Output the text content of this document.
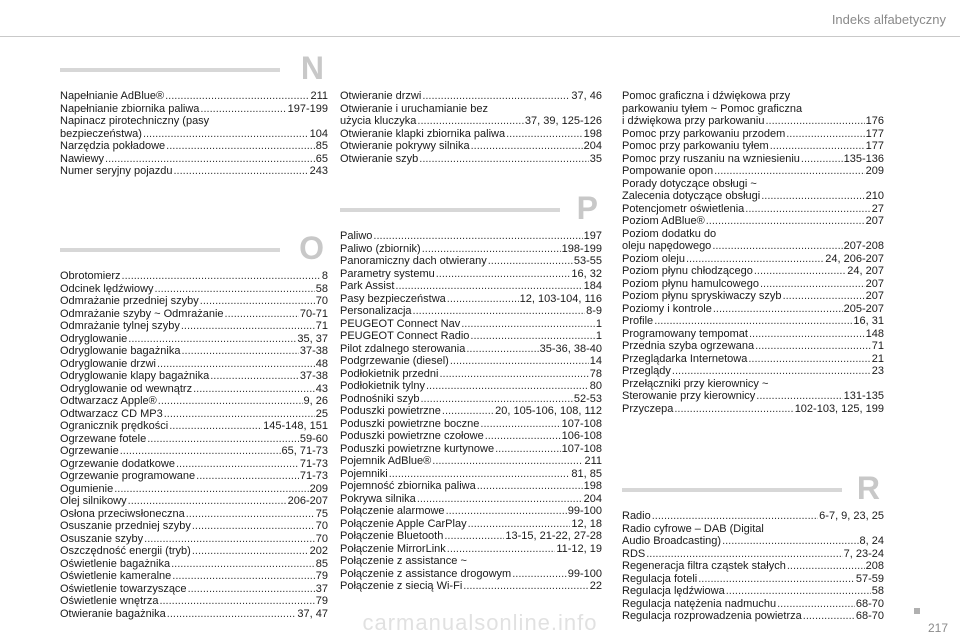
Indeks alfabetyczny
N
Napełnianie AdBlue® .....	211
Napełnianie zbiornika paliwa .....	197-199
Napinacz pirotechniczny (pasy
bezpieczeństwa) .....	104
Narzędzia pokładowe .....	85
Nawiewy .....	65
Numer seryjny pojazdu .....	243
O
Obrotomierz .....	8
Odcinek lędźwiowy .....	58
Odmrażanie przedniej szyby .....	70
Odmrażanie szyby ~ Odmrażanie .....	70-71
Odmrażanie tylnej szyby .....	71
Odryglowanie .....	35, 37
Odryglowanie bagażnika .....	37-38
Odryglowanie drzwi .....	48
Odryglowanie klapy bagażnika .....	37-38
Odryglowanie od wewnątrz .....	43
Odtwarzacz Apple® .....	9, 26
Odtwarzacz CD MP3 .....	25
Ogranicznik prędkości .....	145-148, 151
Ogrzewane fotele .....	59-60
Ogrzewanie .....	65, 71-73
Ogrzewanie dodatkowe .....	71-73
Ogrzewanie programowane .....	71-73
Ogumienie .....	209
Olej silnikowy .....	206-207
Osłona przeciwsłoneczna .....	75
Osuszanie przedniej szyby .....	70
Osuszanie szyby .....	70
Oszczędność energii (tryb) .....	202
Oświetlenie bagażnika .....	85
Oświetlenie kameralne .....	79
Oświetlenie towarzyszące .....	37
Oświetlenie wnętrza .....	79
Otwieranie bagażnika .....	37, 47
Otwieranie drzwi .....	37, 46
Otwieranie i uruchamianie bez
użycia kluczyka .....	37, 39, 125-126
Otwieranie klapki zbiornika paliwa .....	198
Otwieranie pokrywy silnika .....	204
Otwieranie szyb .....	35
P
Paliwo .....	197
Paliwo (zbiornik) .....	198-199
Panoramiczny dach otwierany .....	53-55
Parametry systemu .....	16, 32
Park Assist .....	184
Pasy bezpieczeństwa .....	12, 103-104, 116
Personalizacja .....	8-9
PEUGEOT Connect Nav .....	1
PEUGEOT Connect Radio .....	1
Pilot zdalnego sterowania .....	35-36, 38-40
Podgrzewanie (diesel) .....	14
Podłokietnik przedni .....	78
Podłokietnik tylny .....	80
Podnośniki szyb .....	52-53
Poduszki powietrzne .....	20, 105-106, 108, 112
Poduszki powietrzne boczne .....	107-108
Poduszki powietrzne czołowe .....	106-108
Poduszki powietrzne kurtynowe .....	107-108
Pojemnik AdBlue® .....	211
Pojemniki .....	81, 85
Pojemność zbiornika paliwa .....	198
Pokrywa silnika .....	204
Połączenie alarmowe .....	99-100
Połączenie Apple CarPlay .....	12, 18
Połączenie Bluetooth .....	13-15, 21-22, 27-28
Połączenie MirrorLink .....	11-12, 19
Połączenie z assistance ~
Połączenie z assistance drogowym .....	99-100
Połączenie z siecią Wi-Fi .....	22
Pomoc graficzna i dźwiękowa przy
parkowaniu tyłem ~ Pomoc graficzna
i dźwiękowa przy parkowaniu .....	176
Pomoc przy parkowaniu przodem .....	177
Pomoc przy parkowaniu tyłem .....	177
Pomoc przy ruszaniu na wzniesieniu .....	135-136
Pompowanie opon .....	209
Porady dotyczące obsługi ~
Zalecenia dotyczące obsługi .....	210
Potencjometr oświetlenia .....	27
Poziom AdBlue® .....	207
Poziom dodatku do
oleju napędowego .....	207-208
Poziom oleju .....	24, 206-207
Poziom płynu chłodzącego .....	24, 207
Poziom płynu hamulcowego .....	207
Poziom płynu spryskiwaczy szyb .....	207
Poziomy i kontrole .....	205-207
Profile .....	16, 31
Programowany tempomat .....	148
Przednia szyba ogrzewana .....	71
Przeglądarka Internetowa .....	21
Przeglądy .....	23
Przełączniki przy kierownicy ~
Sterowanie przy kierownicy .....	131-135
Przyczepa .....	102-103, 125, 199
R
Radio .....	6-7, 9, 23, 25
Radio cyfrowe – DAB (Digital
Audio Broadcasting) .....	8, 24
RDS .....	7, 23-24
Regeneracja filtra cząstek stałych .....	208
Regulacja foteli .....	57-59
Regulacja lędźwiowa .....	58
Regulacja natężenia nadmuchu .....	68-70
Regulacja rozprowadzenia powietrza .....	68-70
carmanualsonline.info	217
